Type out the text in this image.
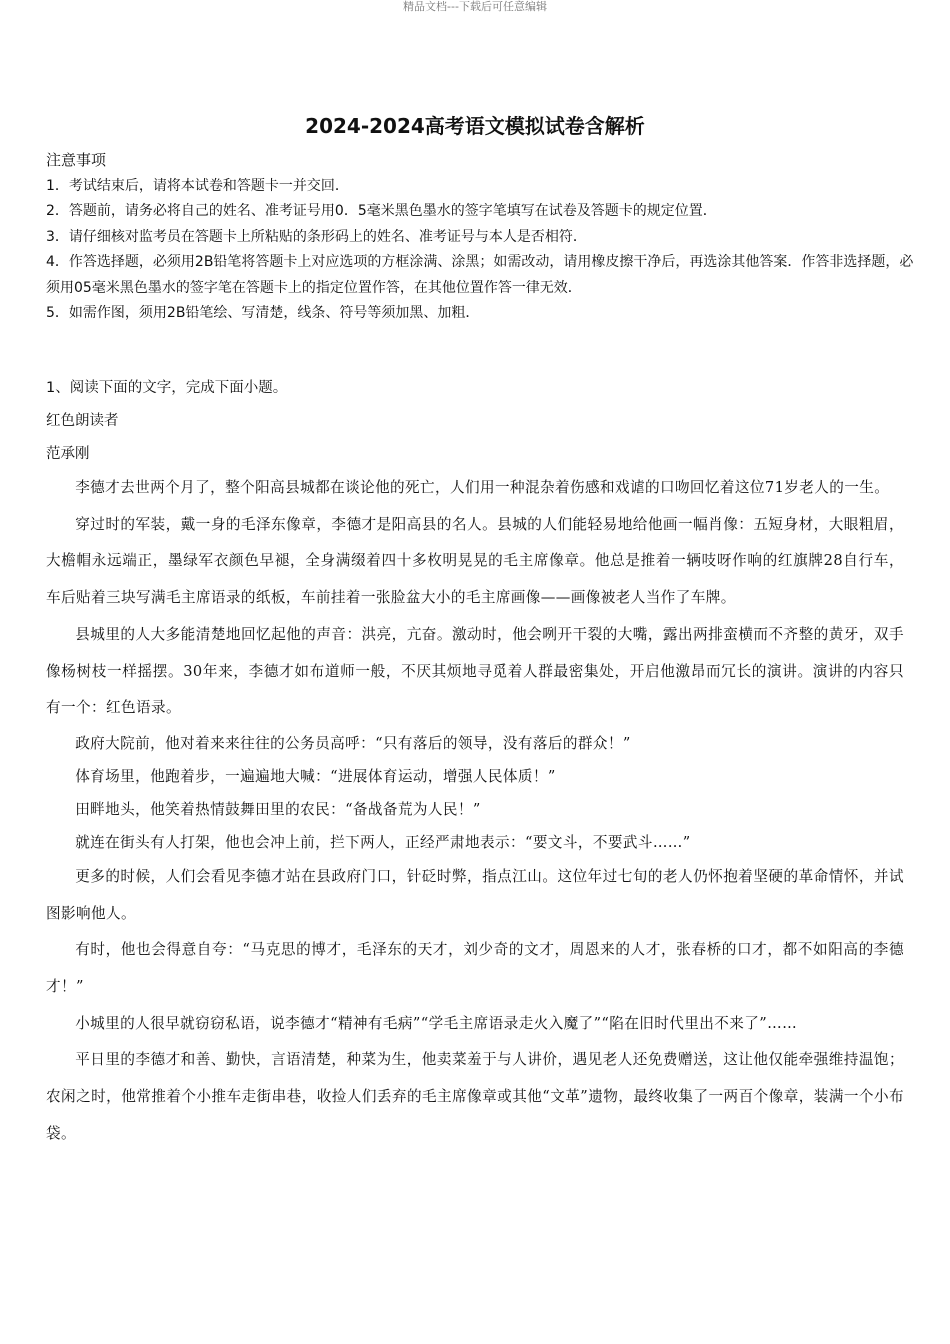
精品文档---下载后可任意编辑
2024-2024高考语文模拟试卷含解析

注意事项

1．考试结束后，请将本试卷和答题卡一并交回．

2．答题前，请务必将自己的姓名、准考证号用0．5毫米黑色墨水的签字笔填写在试卷及答题卡的规定位置．

3．请仔细核对监考员在答题卡上所粘贴的条形码上的姓名、准考证号与本人是否相符．

4．作答选择题，必须用2B铅笔将答题卡上对应选项的方框涂满、涂黑；如需改动，请用橡皮擦干净后，再选涂其他答案．作答非选择题，必须用05毫米黑色墨水的签字笔在答题卡上的指定位置作答，在其他位置作答一律无效．

5．如需作图，须用2B铅笔绘、写清楚，线条、符号等须加黑、加粗．

1、阅读下面的文字，完成下面小题。

红色朗读者

范承刚

李德才去世两个月了，整个阳高县城都在谈论他的死亡，人们用一种混杂着伤感和戏谑的口吻回忆着这位71岁老人的一生。

穿过时的军装，戴一身的毛泽东像章，李德才是阳高县的名人。县城的人们能轻易地给他画一幅肖像：五短身材，大眼粗眉，大檐帽永远端正，墨绿军衣颜色早褪，全身满缀着四十多枚明晃晃的毛主席像章。他总是推着一辆吱呀作响的红旗牌28自行车，车后贴着三块写满毛主席语录的纸板，车前挂着一张脸盆大小的毛主席画像——画像被老人当作了车牌。

县城里的人大多能清楚地回忆起他的声音：洪亮，亢奋。激动时，他会咧开干裂的大嘴，露出两排蛮横而不齐整的黄牙，双手像杨树枝一样摇摆。30年来，李德才如布道师一般，不厌其烦地寻觅着人群最密集处，开启他激昂而冗长的演讲。演讲的内容只有一个：红色语录。

政府大院前，他对着来来往往的公务员高呼：“只有落后的领导，没有落后的群众！”

体育场里，他跑着步，一遍遍地大喊：“进展体育运动，增强人民体质！”

田畔地头，他笑着热情鼓舞田里的农民：“备战备荒为人民！”

就连在街头有人打架，他也会冲上前，拦下两人，正经严肃地表示：“要文斗，不要武斗……”

更多的时候，人们会看见李德才站在县政府门口，针砭时弊，指点江山。这位年过七旬的老人仍怀抱着坚硬的革命情怀，并试图影响他人。

有时，他也会得意自夸：“马克思的博才，毛泽东的天才，刘少奇的文才，周恩来的人才，张春桥的口才，都不如阳高的李德才！”

小城里的人很早就窃窃私语，说李德才“精神有毛病”“学毛主席语录走火入魔了”“陷在旧时代里出不来了”……

平日里的李德才和善、勤快，言语清楚，种菜为生，他卖菜羞于与人讲价，遇见老人还免费赠送，这让他仅能牵强维持温饱；农闲之时，他常推着个小推车走街串巷，收捡人们丢弃的毛主席像章或其他“文革”遗物，最终收集了一两百个像章，装满一个小布袋。
